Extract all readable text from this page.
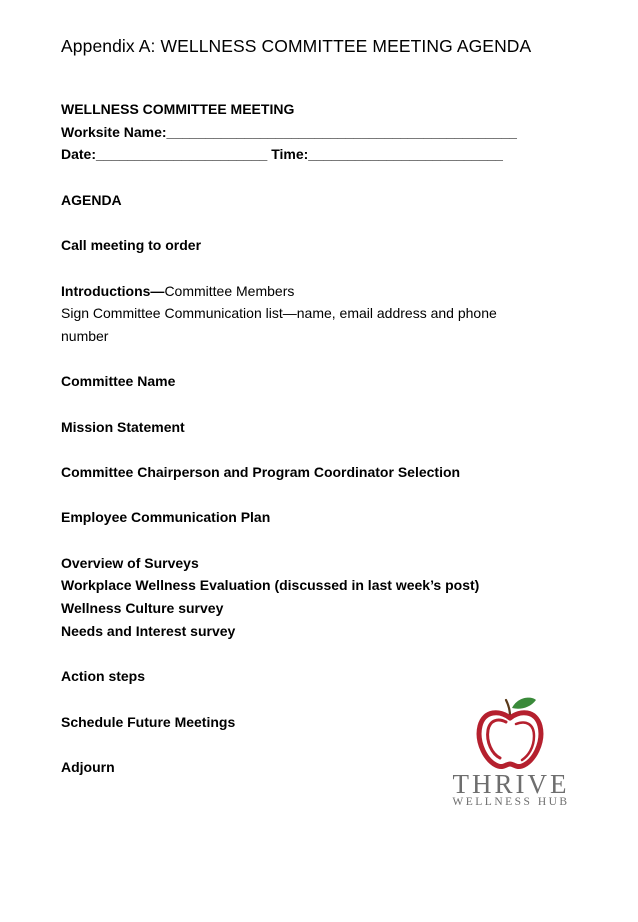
Appendix A: WELLNESS COMMITTEE MEETING AGENDA
WELLNESS COMMITTEE MEETING
Worksite Name:_____________________________________________
Date:______________________ Time:_________________________
AGENDA
Call meeting to order
Introductions—Committee Members
Sign Committee Communication list—name, email address and phone number
Committee Name
Mission Statement
Committee Chairperson and Program Coordinator Selection
Employee Communication Plan
Overview of Surveys
Workplace Wellness Evaluation (discussed in last week’s post)
Wellness Culture survey
Needs and Interest survey
Action steps
Schedule Future Meetings
Adjourn
THRIVE
WELLNESS HUB
